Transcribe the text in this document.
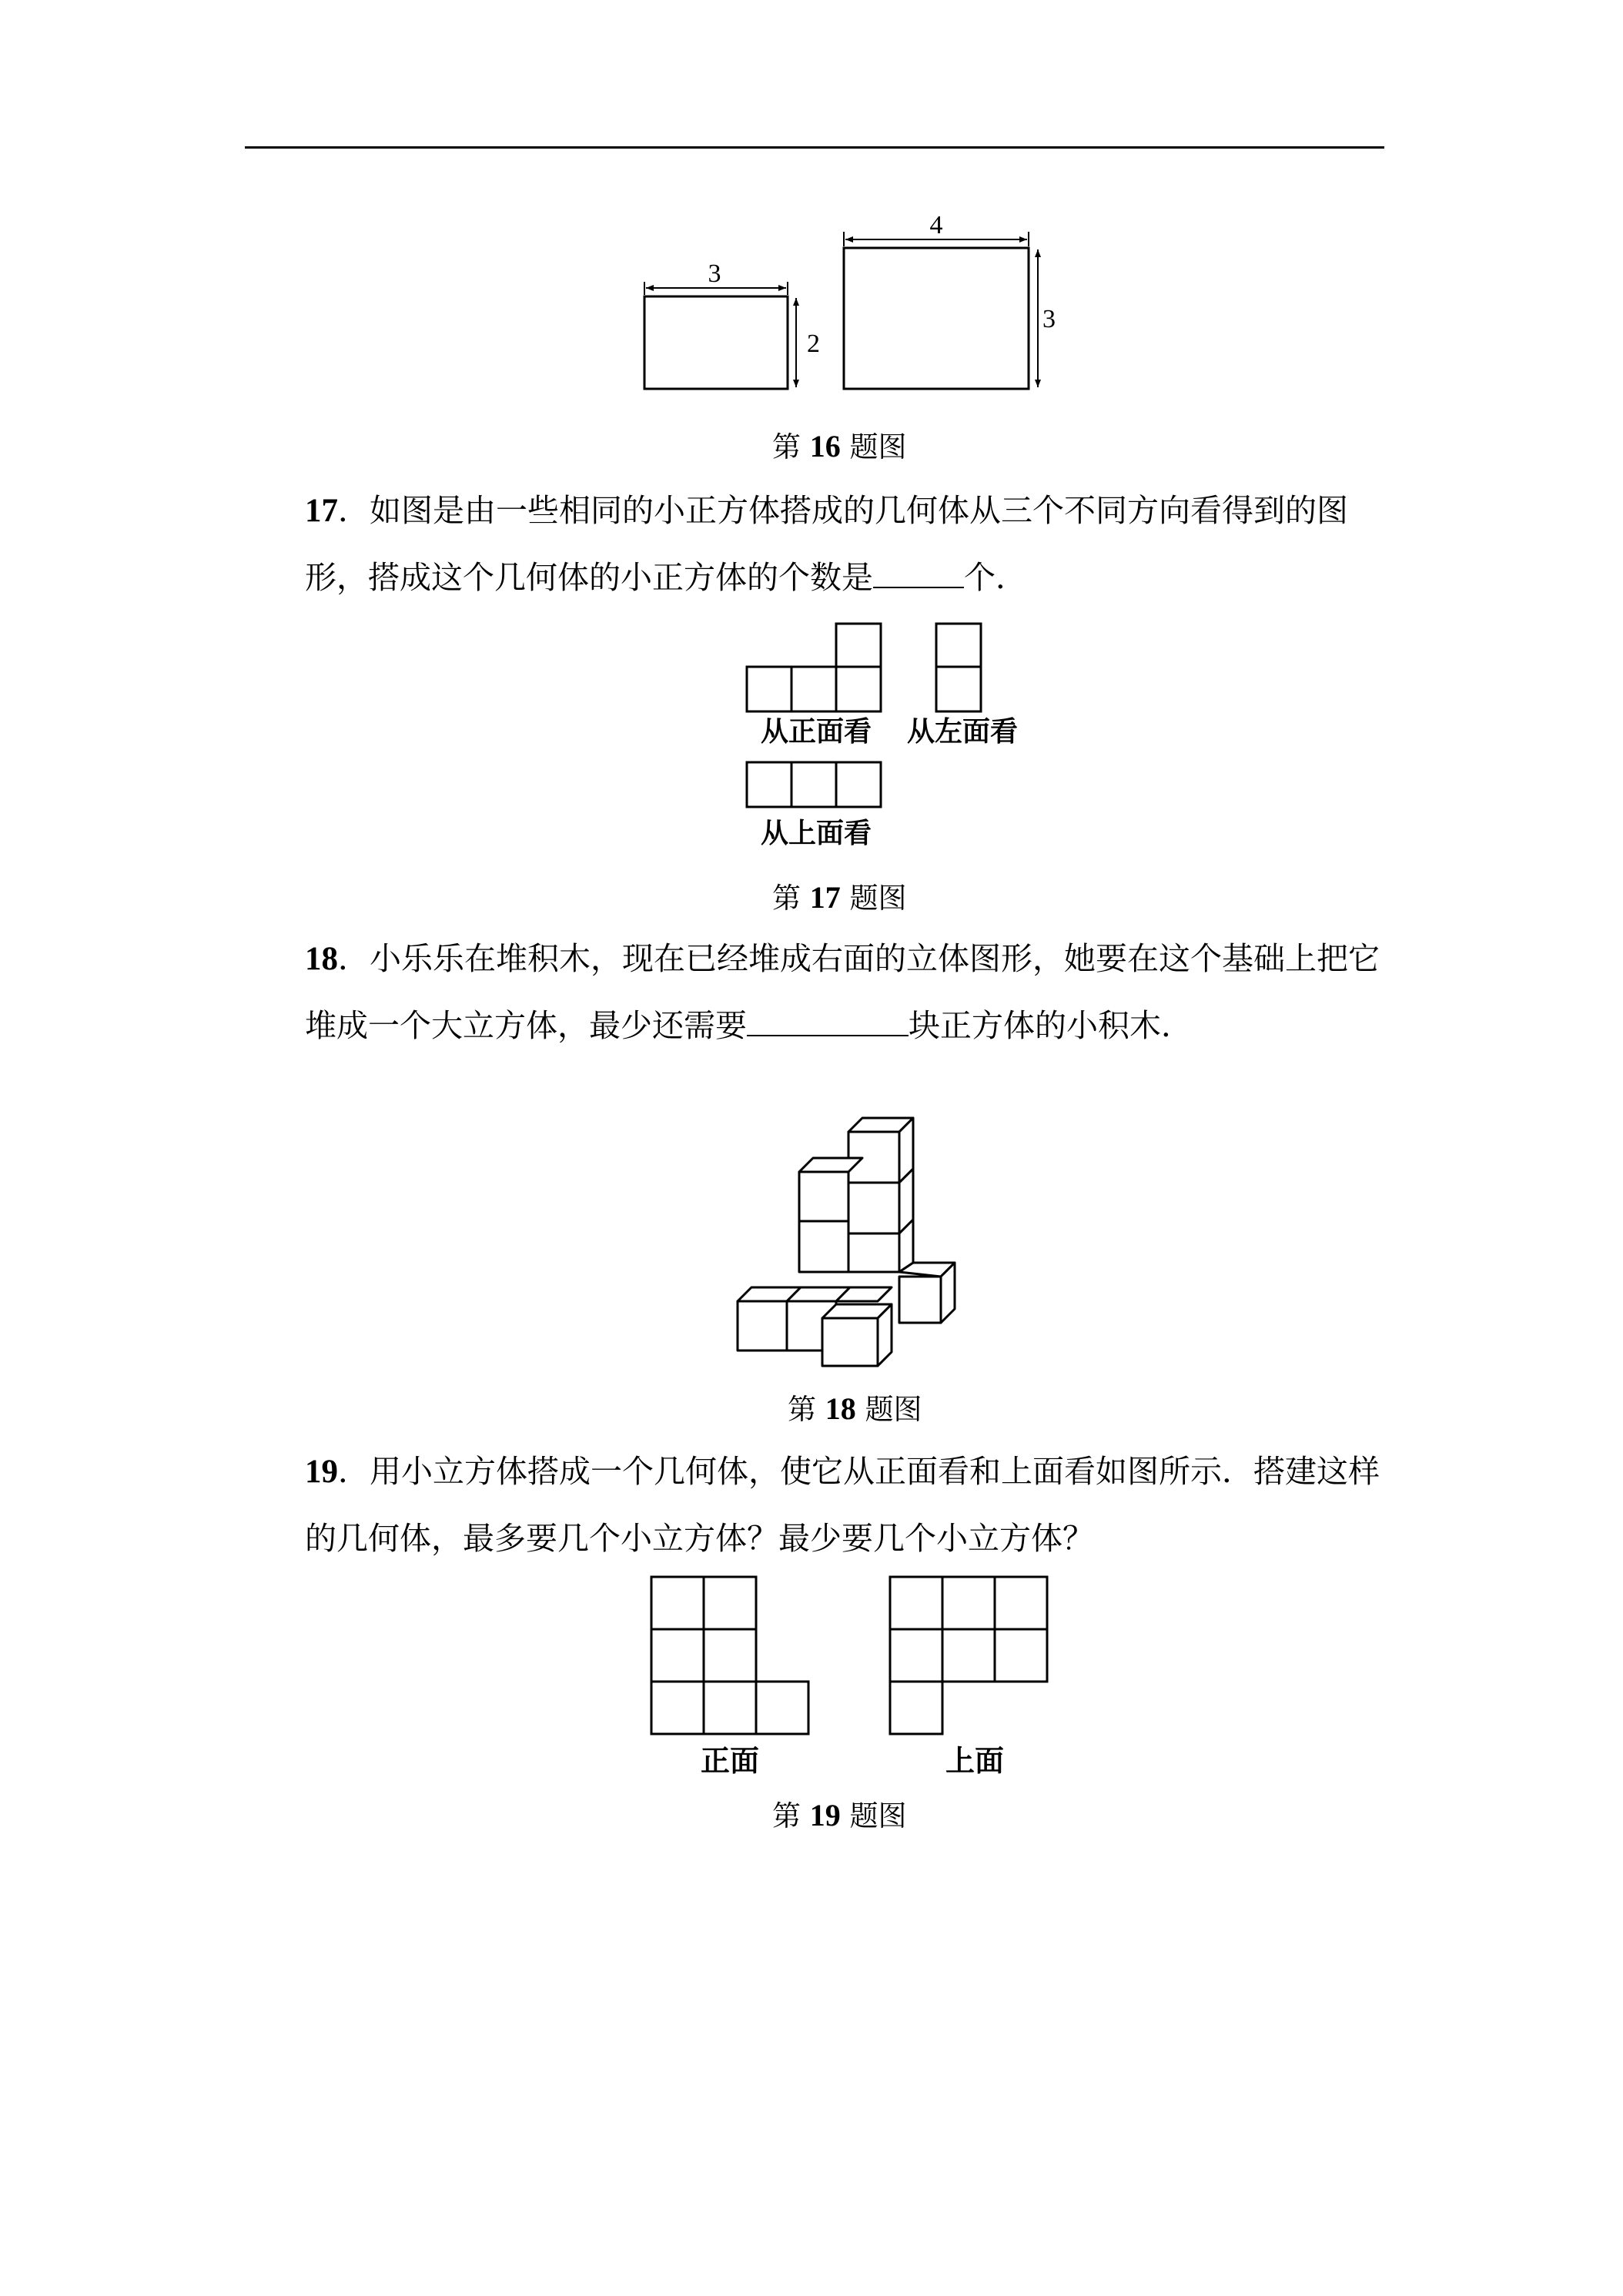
3
2
4
3
第 16 题图
17．如图是由一些相同的小正方体搭成的几何体从三个不同方向看得到的图形，搭成这个几何体的小正方体的个数是	个．
从正面看 从左面看
从上面看
第 17 题图
18．小乐乐在堆积木，现在已经堆成右面的立体图形，她要在这个基础上把它堆成一个大立方体，最少还需要	块正方体的小积木．
第 18 题图
19．用小立方体搭成一个几何体，使它从正面看和上面看如图所示．搭建这样的几何体，最多要几个小立方体？最少要几个小立方体？
正面	上面
第 19 题图
